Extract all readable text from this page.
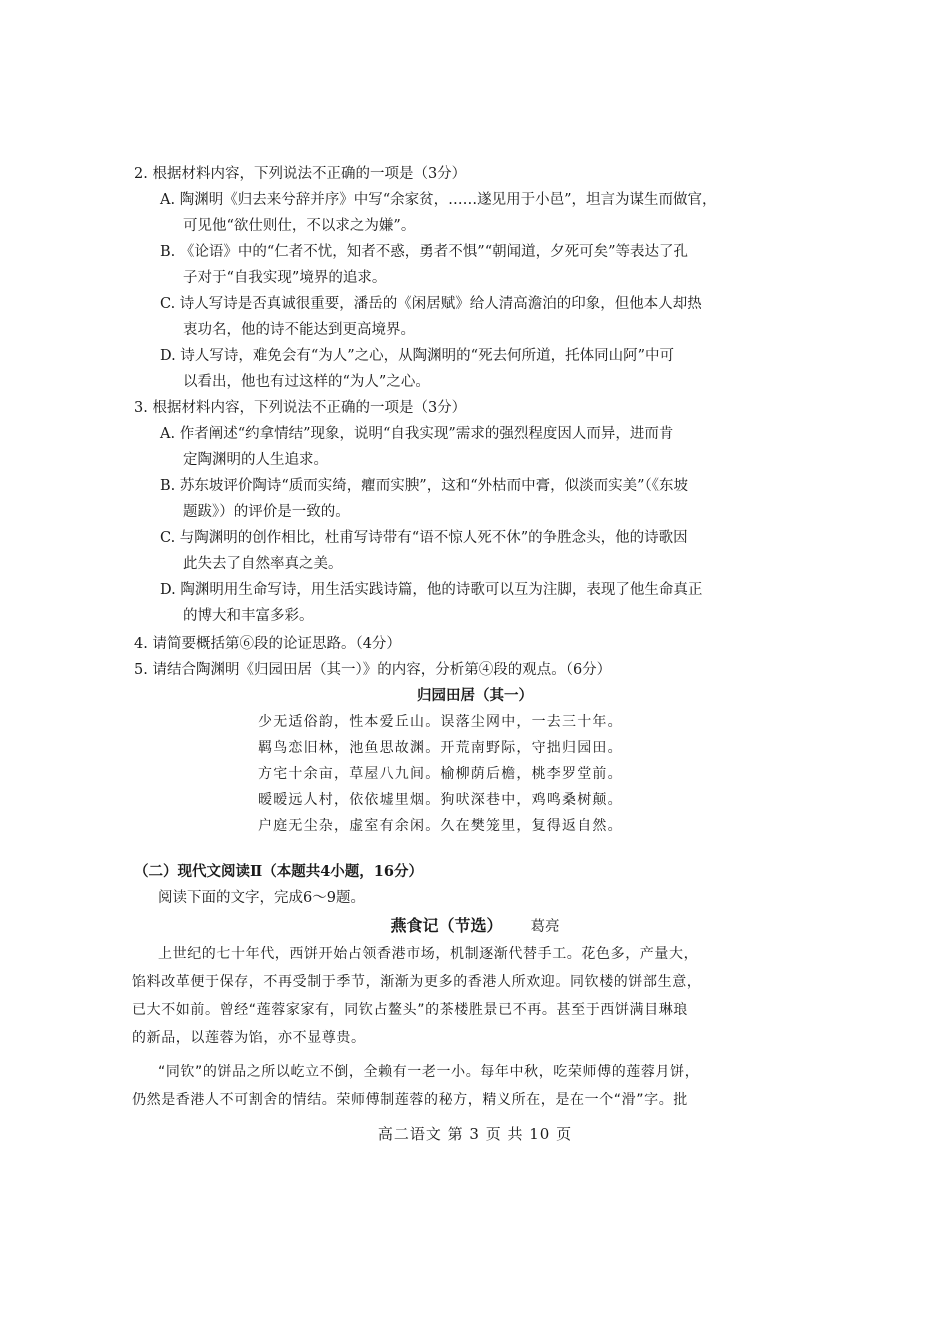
2. 根据材料内容，下列说法不正确的一项是（3分）
A. 陶渊明《归去来兮辞并序》中写“余家贫，……遂见用于小邑”，坦言为谋生而做官，
可见他“欲仕则仕，不以求之为嫌”。
B. 《论语》中的“仁者不忧，知者不惑，勇者不惧”“朝闻道，夕死可矣”等表达了孔
子对于“自我实现”境界的追求。
C. 诗人写诗是否真诚很重要，潘岳的《闲居赋》给人清高澹泊的印象，但他本人却热
衷功名，他的诗不能达到更高境界。
D. 诗人写诗，难免会有“为人”之心，从陶渊明的“死去何所道，托体同山阿”中可
以看出，他也有过这样的“为人”之心。
3. 根据材料内容，下列说法不正确的一项是（3分）
A. 作者阐述“约拿情结”现象，说明“自我实现”需求的强烈程度因人而异，进而肯
定陶渊明的人生追求。
B. 苏东坡评价陶诗“质而实绮，癯而实腴”，这和“外枯而中膏，似淡而实美”（《东坡
题跋》）的评价是一致的。
C. 与陶渊明的创作相比，杜甫写诗带有“语不惊人死不休”的争胜念头，他的诗歌因
此失去了自然率真之美。
D. 陶渊明用生命写诗，用生活实践诗篇，他的诗歌可以互为注脚，表现了他生命真正
的博大和丰富多彩。
4. 请简要概括第⑥段的论证思路。（4分）
5. 请结合陶渊明《归园田居（其一）》的内容，分析第④段的观点。（6分）
归园田居（其一）
少无适俗韵，性本爱丘山。误落尘网中，一去三十年。
羁鸟恋旧林，池鱼思故渊。开荒南野际，守拙归园田。
方宅十余亩，草屋八九间。榆柳荫后檐，桃李罗堂前。
暧暧远人村，依依墟里烟。狗吠深巷中，鸡鸣桑树颠。
户庭无尘杂，虚室有余闲。久在樊笼里，复得返自然。
（二）现代文阅读Ⅱ（本题共4小题，16分）
阅读下面的文字，完成6～9题。
燕食记（节选） 葛亮
上世纪的七十年代，西饼开始占领香港市场，机制逐渐代替手工。花色多，产量大，
馅料改革便于保存，不再受制于季节，渐渐为更多的香港人所欢迎。同钦楼的饼部生意，
已大不如前。曾经“莲蓉家家有，同钦占鳌头”的茶楼胜景已不再。甚至于西饼满目琳琅
的新品，以莲蓉为馅，亦不显尊贵。
“同钦”的饼品之所以屹立不倒，全赖有一老一小。每年中秋，吃荣师傅的莲蓉月饼，
仍然是香港人不可割舍的情结。荣师傅制莲蓉的秘方，精义所在，是在一个“滑”字。批
高二语文 第 3 页 共 10 页
